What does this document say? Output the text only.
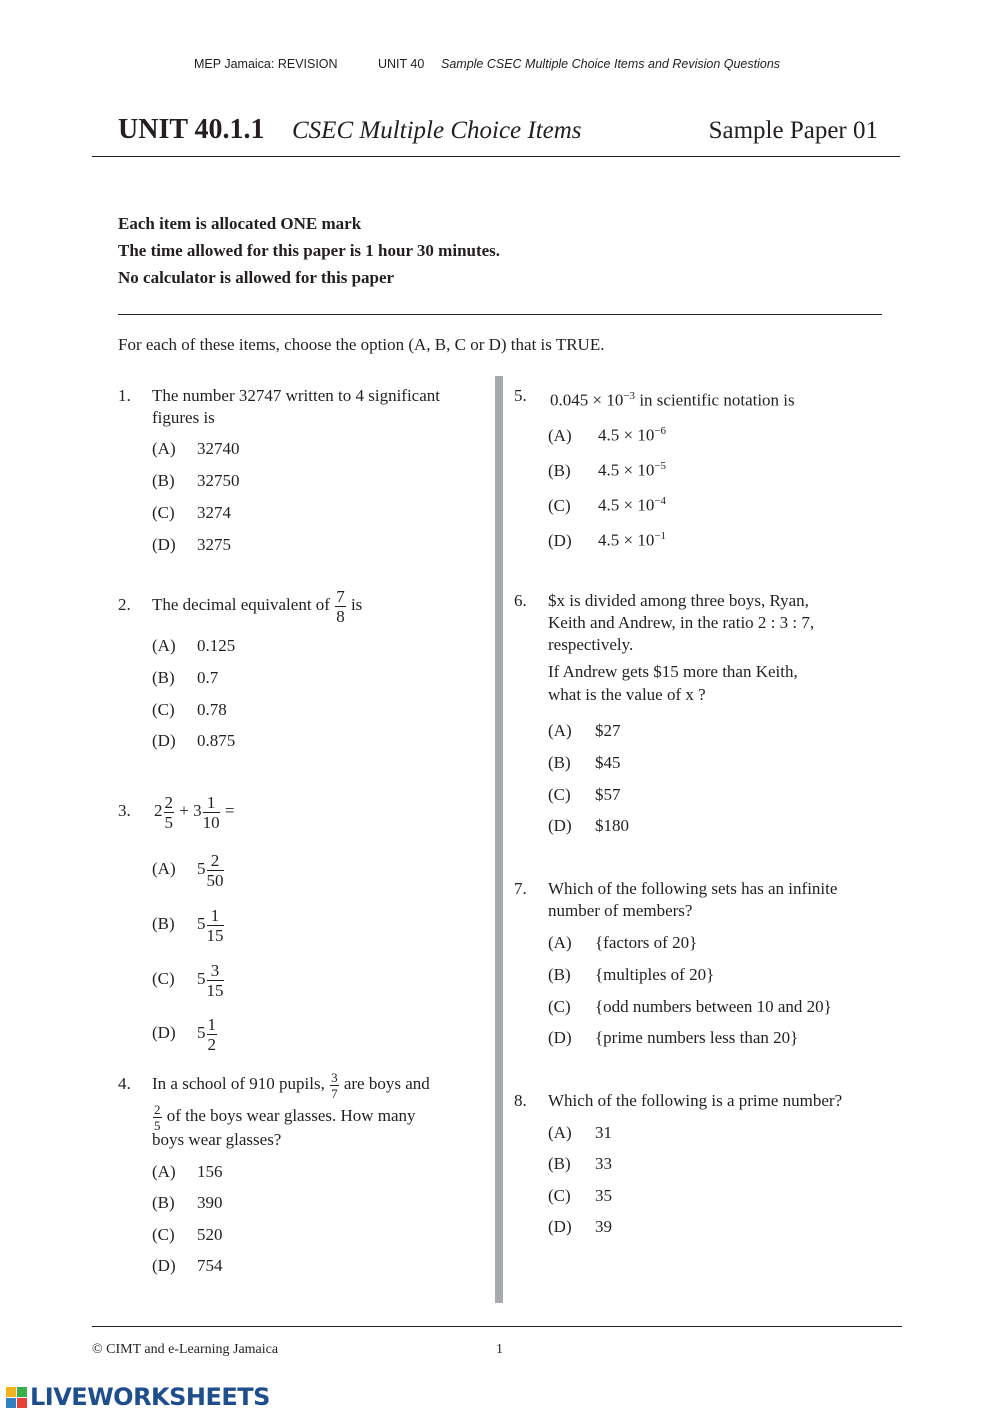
MEP Jamaica: REVISION	UNIT 40 Sample CSEC Multiple Choice Items and Revision Questions
UNIT 40.1.1 CSEC Multiple Choice Items	Sample Paper 01
Each item is allocated ONE mark
The time allowed for this paper is 1 hour 30 minutes.
No calculator is allowed for this paper
For each of these items, choose the option (A, B, C or D) that is TRUE.
1. The number 32747 written to 4 significant
figures is
(A) 32740
(B) 32750
(C) 3274
(D) 3275
2. The decimal equivalent of $\frac{7}{8}$ is
(A) 0.125
(B) 0.7
(C) 0.78
(D) 0.875
3. $2 \frac{2}{5} + 3 \frac{1}{10}$ =
(A) $5 \frac{2}{50}$
(B) $5 \frac{1}{15}$
(C) $5 \frac{3}{15}$
(D) $5 \frac{1}{2}$
4. In a school of 910 pupils, $\frac{3}{7}$ are boys and
$\frac{2}{5}$ of the boys wear glasses. How many
boys wear glasses?
(A) 156
(B) 390
(C) 520
(D) 754
5. $0.045 \times 10^{-3}$ in scientific notation is
(A) $4.5 \times 10^{-6}$
(B) $4.5 \times 10^{-5}$
(C) $4.5 \times 10^{-4}$
(D) $4.5 \times 10^{-1}$
6. $x is divided among three boys, Ryan,
Keith and Andrew, in the ratio 2 : 3 : 7,
respectively.
If Andrew gets $15 more than Keith,
what is the value of x ?
(A) $27
(B) $45
(C) $57
(D) $180
7. Which of the following sets has an infinite
number of members?
(A) {factors of 20}
(B) {multiples of 20}
(C) {odd numbers between 10 and 20}
(D) {prime numbers less than 20}
8. Which of the following is a prime number?
(A) 31
(B) 33
(C) 35
(D) 39
© CIMT and e-Learning Jamaica	1
LIVEWORKSHEETS
